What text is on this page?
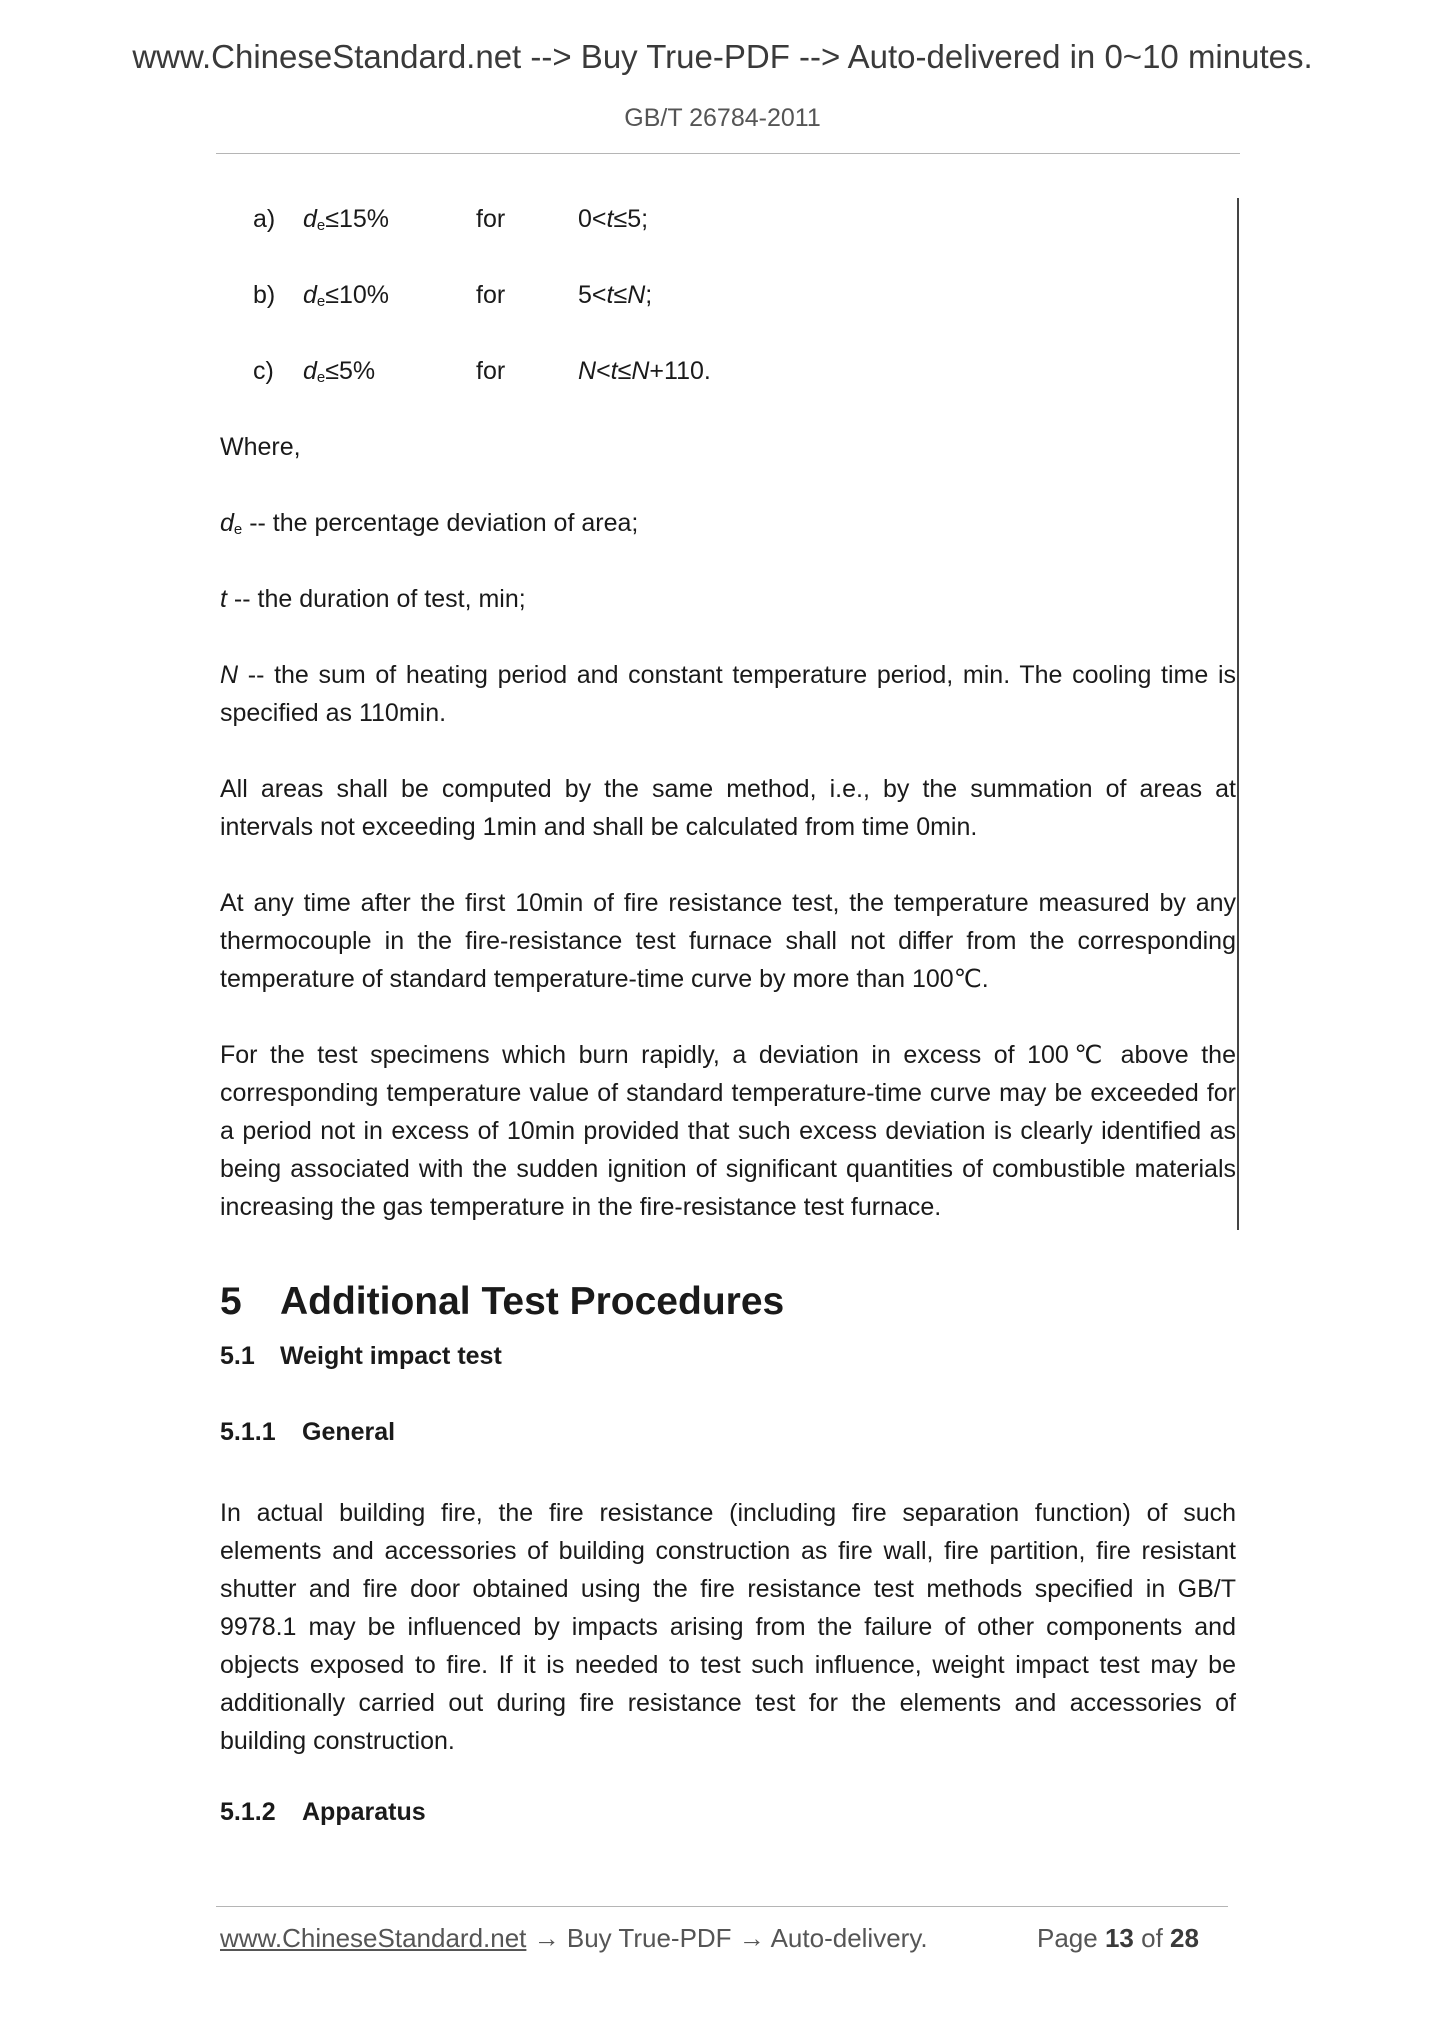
www.ChineseStandard.net --> Buy True-PDF --> Auto-delivered in 0~10 minutes.
GB/T 26784-2011
a) $d_e\le 15\%$	for	0<t≤5;
b) $d_e\le 10\%$	for	5<t≤N;
c) $d_e\le 5\%$	for	N<t≤N+110.
Where,
$d_e$ -- the percentage deviation of area;
t -- the duration of test, min;
N -- the sum of heating period and constant temperature period, min. The cooling time is specified as 110min.
All areas shall be computed by the same method, i.e., by the summation of areas at intervals not exceeding 1min and shall be calculated from time 0min.
At any time after the first 10min of fire resistance test, the temperature measured by any thermocouple in the fire-resistance test furnace shall not differ from the corresponding temperature of standard temperature-time curve by more than 100℃.
For the test specimens which burn rapidly, a deviation in excess of 100℃ above the corresponding temperature value of standard temperature-time curve may be exceeded for a period not in excess of 10min provided that such excess deviation is clearly identified as being associated with the sudden ignition of significant quantities of combustible materials increasing the gas temperature in the fire-resistance test furnace.
5 Additional Test Procedures
5.1 Weight impact test
5.1.1 General
In actual building fire, the fire resistance (including fire separation function) of such elements and accessories of building construction as fire wall, fire partition, fire resistant shutter and fire door obtained using the fire resistance test methods specified in GB/T 9978.1 may be influenced by impacts arising from the failure of other components and objects exposed to fire. If it is needed to test such influence, weight impact test may be additionally carried out during fire resistance test for the elements and accessories of building construction.
5.1.2 Apparatus
www.ChineseStandard.net → Buy True-PDF → Auto-delivery.	Page 13 of 28
